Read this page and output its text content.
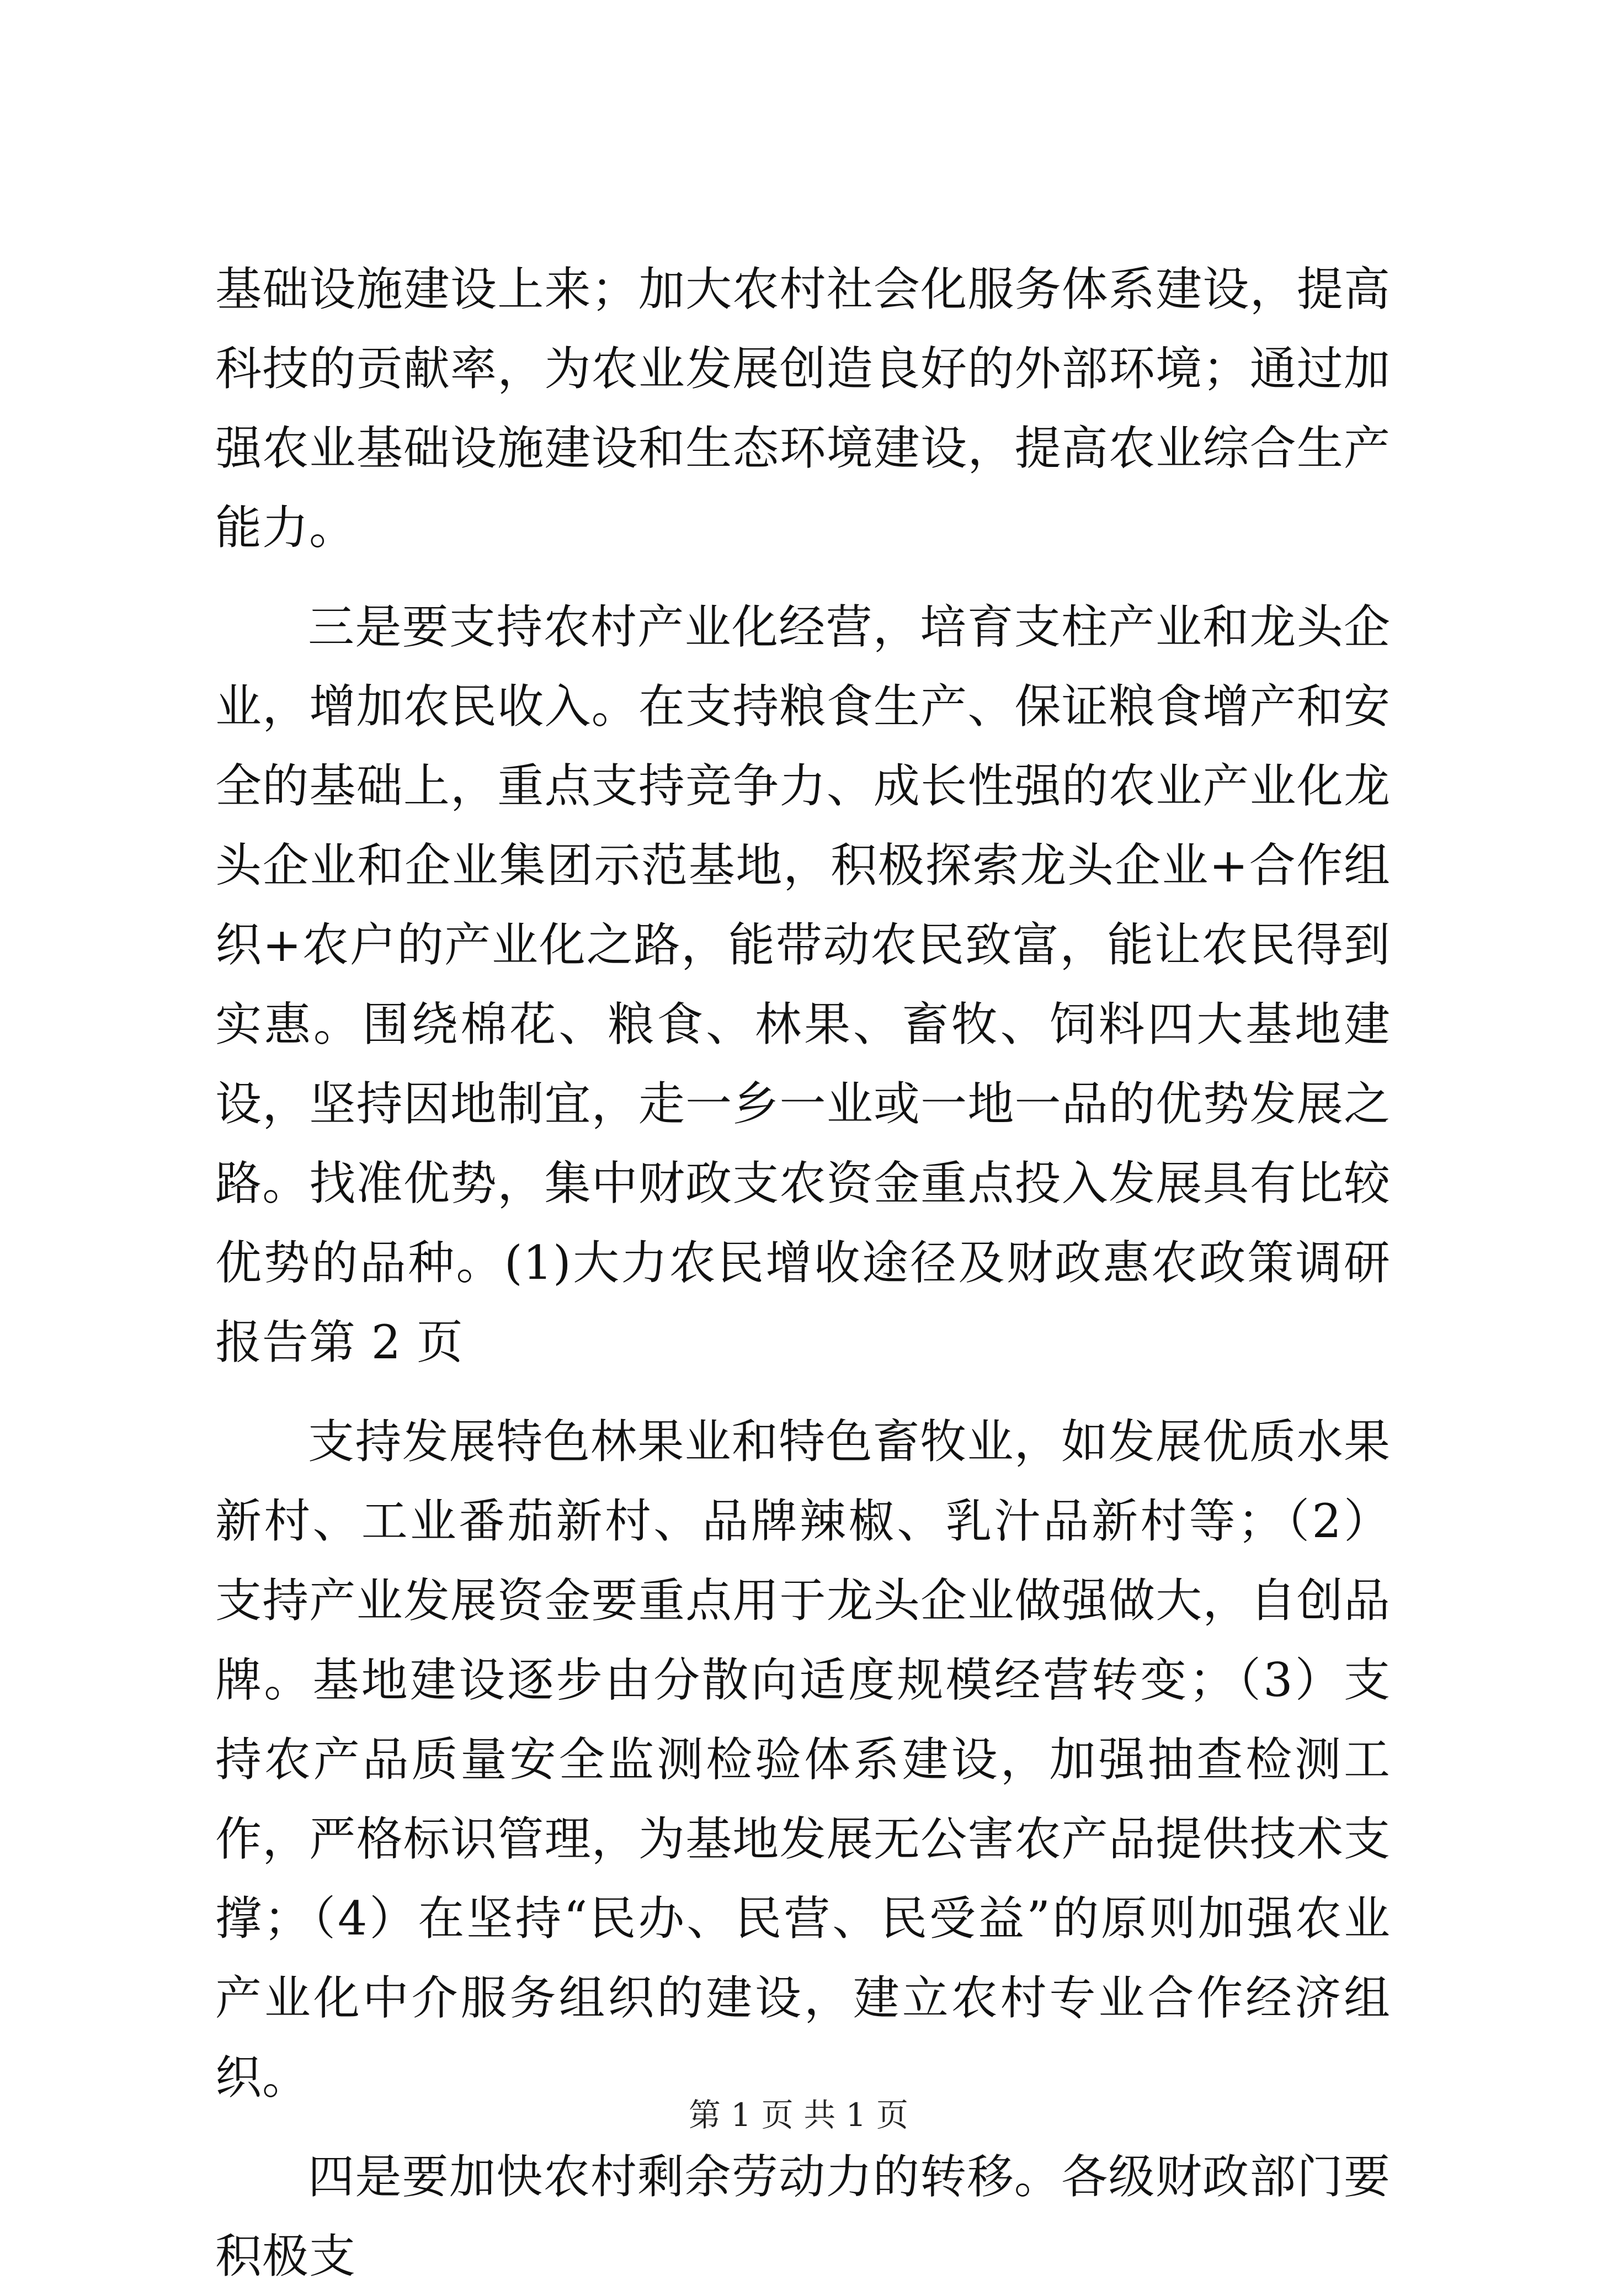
基础设施建设上来；加大农村社会化服务体系建设，提高科技的贡献率，为农业发展创造良好的外部环境；通过加强农业基础设施建设和生态环境建设，提高农业综合生产能力。

三是要支持农村产业化经营，培育支柱产业和龙头企业，增加农民收入。在支持粮食生产、保证粮食增产和安全的基础上，重点支持竞争力、成长性强的农业产业化龙头企业和企业集团示范基地，积极探索龙头企业+合作组织+农户的产业化之路，能带动农民致富，能让农民得到实惠。围绕棉花、粮食、林果、畜牧、饲料四大基地建设，坚持因地制宜，走一乡一业或一地一品的优势发展之路。找准优势，集中财政支农资金重点投入发展具有比较优势的品种。(1)大力农民增收途径及财政惠农政策调研报告第 2 页

支持发展特色林果业和特色畜牧业，如发展优质水果新村、工业番茄新村、品牌辣椒、乳汁品新村等；（2）支持产业发展资金要重点用于龙头企业做强做大，自创品牌。基地建设逐步由分散向适度规模经营转变；（3）支持农产品质量安全监测检验体系建设，加强抽查检测工作，严格标识管理，为基地发展无公害农产品提供技术支撑；（4）在坚持“民办、民营、民受益”的原则加强农业产业化中介服务组织的建设，建立农村专业合作经济组织。

四是要加快农村剩余劳动力的转移。各级财政部门要积极支

第 1 页 共 1 页
